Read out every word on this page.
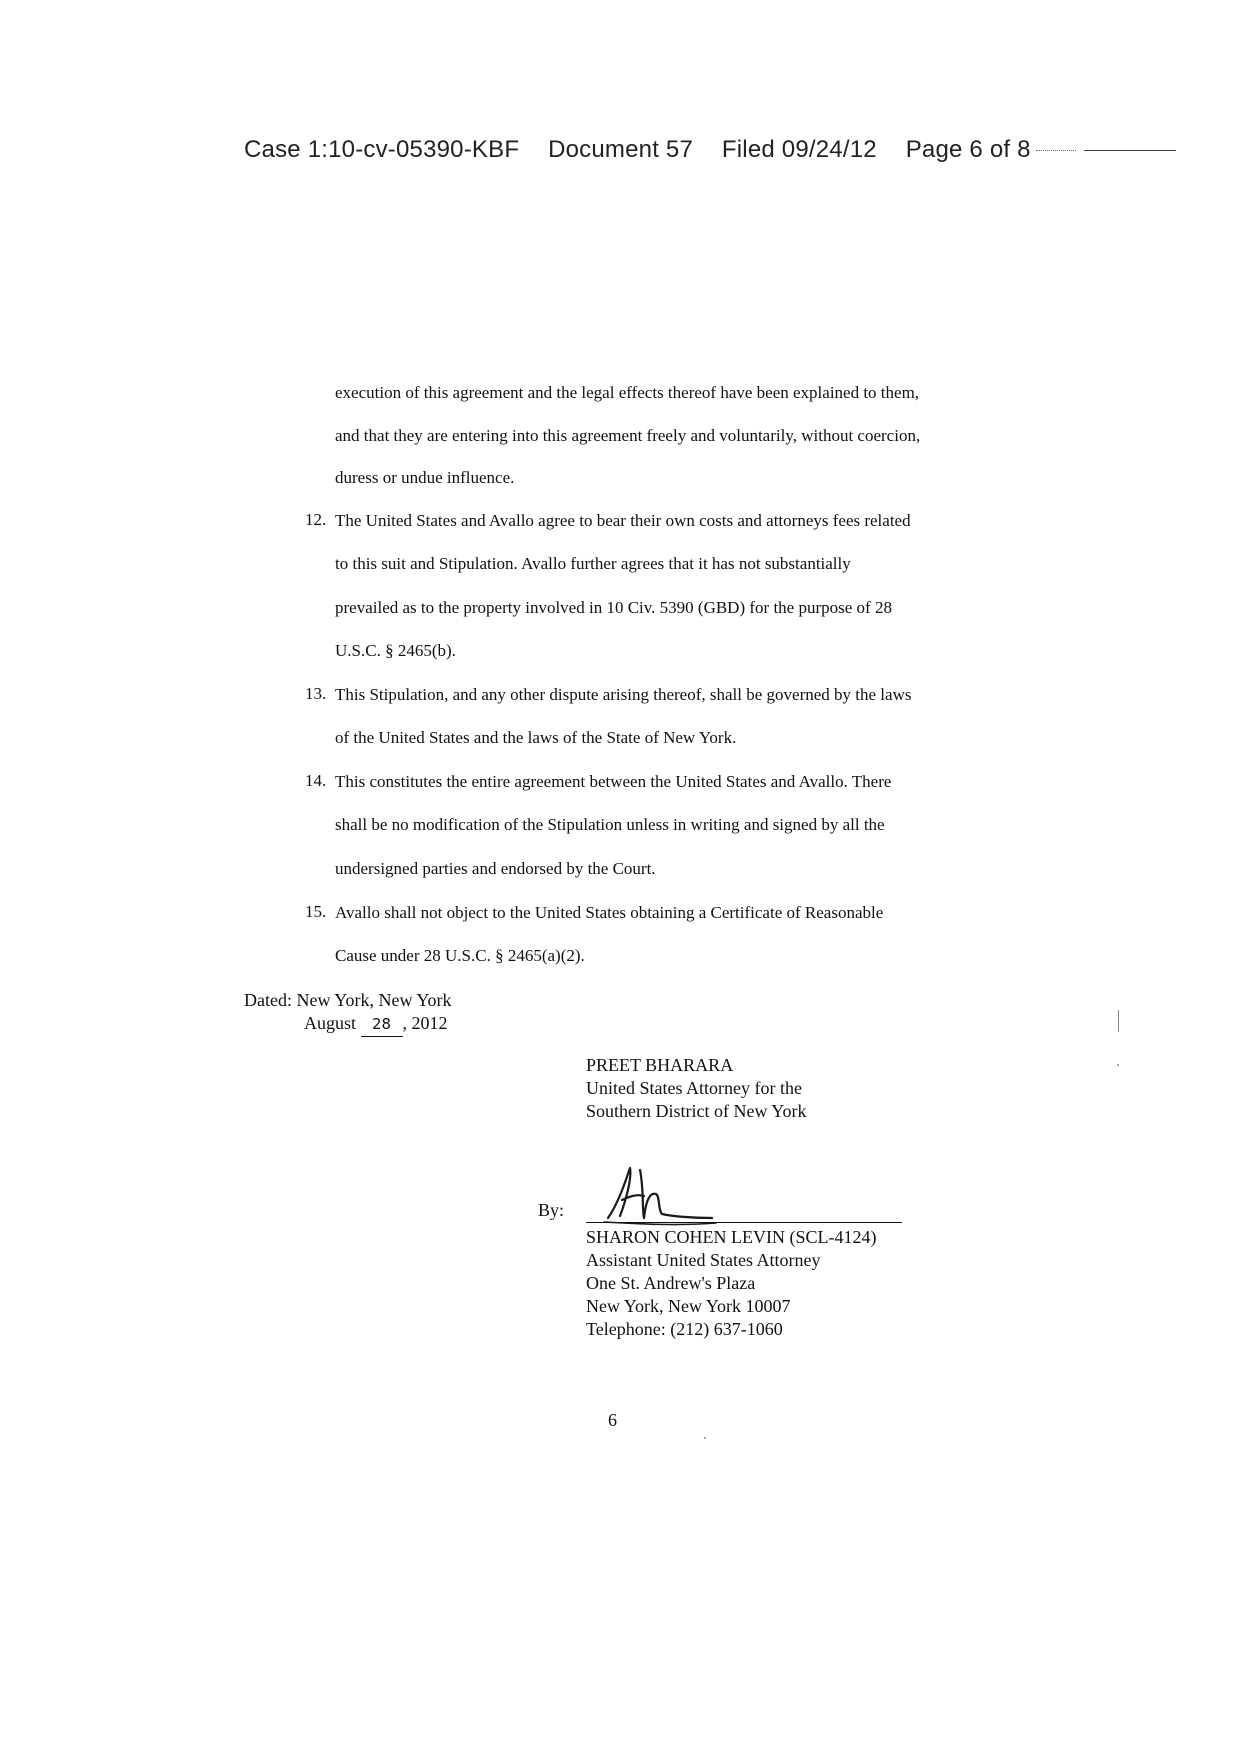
Case 1:10-cv-05390-KBF Document 57 Filed 09/24/12 Page 6 of 8
execution of this agreement and the legal effects thereof have been explained to them,
and that they are entering into this agreement freely and voluntarily, without coercion,
duress or undue influence.
12. The United States and Avallo agree to bear their own costs and attorneys fees related
to this suit and Stipulation. Avallo further agrees that it has not substantially
prevailed as to the property involved in 10 Civ. 5390 (GBD) for the purpose of 28
U.S.C. § 2465(b).
13. This Stipulation, and any other dispute arising thereof, shall be governed by the laws
of the United States and the laws of the State of New York.
14. This constitutes the entire agreement between the United States and Avallo. There
shall be no modification of the Stipulation unless in writing and signed by all the
undersigned parties and endorsed by the Court.
15. Avallo shall not object to the United States obtaining a Certificate of Reasonable
Cause under 28 U.S.C. § 2465(a)(2).
Dated: New York, New York
August 28 , 2012
PREET BHARARA
United States Attorney for the
Southern District of New York
By:
SHARON COHEN LEVIN (SCL-4124)
Assistant United States Attorney
One St. Andrew's Plaza
New York, New York 10007
Telephone: (212) 637-1060
6
